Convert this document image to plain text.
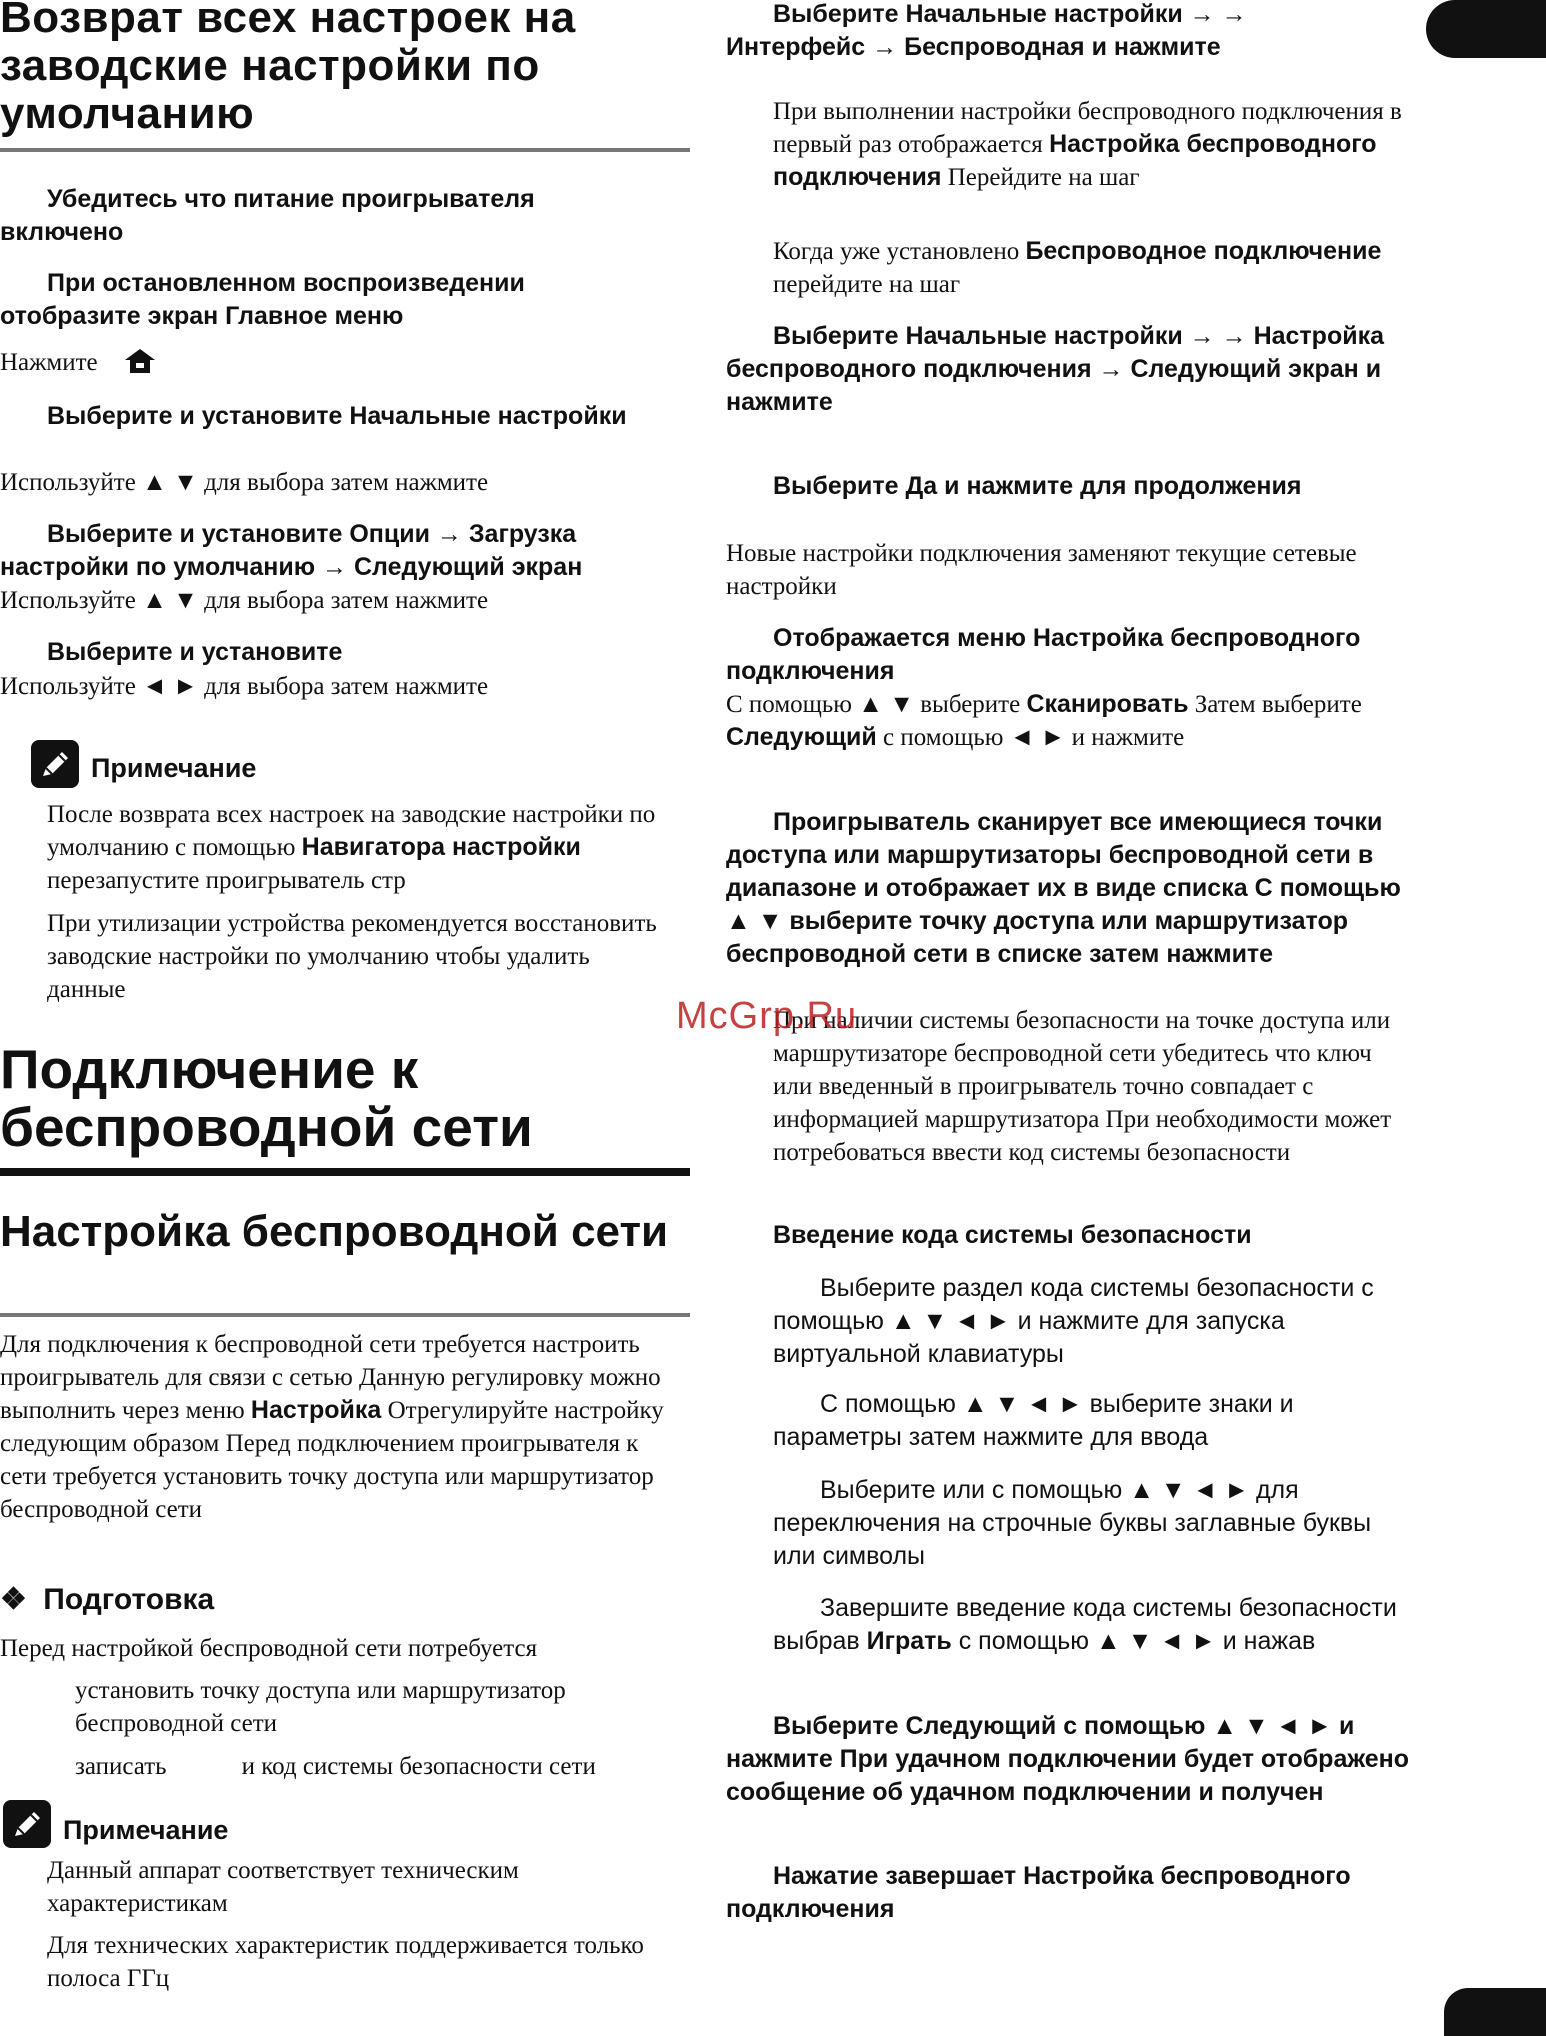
Возврат всех настроек на заводские настройки по умолчанию
Убедитесь что питание проигрывателя включено
При остановленном воспроизведении отобразите экран Главное меню
Нажмите
Выберите и установите Начальные настройки
Используйте ▲ ▼ для выбора затем нажмите
Выберите и установите Опции → Загрузка настройки по умолчанию → Следующий экран
Используйте ▲ ▼ для выбора затем нажмите
Выберите и установите
Используйте ◄ ► для выбора затем нажмите
Примечание
После возврата всех настроек на заводские настройки по умолчанию с помощью Навигатора настройки перезапустите проигрыватель стр
При утилизации устройства рекомендуется восстановить заводские настройки по умолчанию чтобы удалить данные
Подключение к беспроводной сети
Настройка беспроводной сети
Для подключения к беспроводной сети требуется настроить проигрыватель для связи с сетью Данную регулировку можно выполнить через меню Настройка Отрегулируйте настройку следующим образом Перед подключением проигрывателя к сети требуется установить точку доступа или маршрутизатор беспроводной сети
❖ Подготовка
Перед настройкой беспроводной сети потребуется
установить точку доступа или маршрутизатор беспроводной сети
записать            и код системы безопасности сети
Примечание
Данный аппарат соответствует техническим характеристикам
Для технических характеристик поддерживается только полоса ГГц
Выберите Начальные настройки → → Интерфейс → Беспроводная и нажмите
При выполнении настройки беспроводного подключения в первый раз отображается Настройка беспроводного подключения Перейдите на шаг
Когда уже установлено Беспроводное подключение перейдите на шаг
Выберите Начальные настройки → → Настройка беспроводного подключения → Следующий экран и нажмите
Выберите Да и нажмите для продолжения
Новые настройки подключения заменяют текущие сетевые настройки
Отображается меню Настройка беспроводного подключения
С помощью ▲ ▼ выберите Сканировать Затем выберите Следующий с помощью ◄ ► и нажмите
Проигрыватель сканирует все имеющиеся точки доступа или маршрутизаторы беспроводной сети в диапазоне и отображает их в виде списка С помощью ▲ ▼ выберите точку доступа или маршрутизатор беспроводной сети в списке затем нажмите
При наличии системы безопасности на точке доступа или маршрутизаторе беспроводной сети убедитесь что ключ или введенный в проигрыватель точно совпадает с информацией маршрутизатора При необходимости может потребоваться ввести код системы безопасности
Введение кода системы безопасности
Выберите раздел кода системы безопасности с помощью ▲ ▼ ◄ ► и нажмите для запуска виртуальной клавиатуры
С помощью ▲ ▼ ◄ ► выберите знаки и параметры затем нажмите для ввода
Выберите или с помощью ▲ ▼ ◄ ► для переключения на строчные буквы заглавные буквы или символы
Завершите введение кода системы безопасности выбрав Играть с помощью ▲ ▼ ◄ ► и нажав
Выберите Следующий с помощью ▲ ▼ ◄ ► и нажмите При удачном подключении будет отображено сообщение об удачном подключении и получен
Нажатие завершает Настройка беспроводного подключения
McGrp.Ru
